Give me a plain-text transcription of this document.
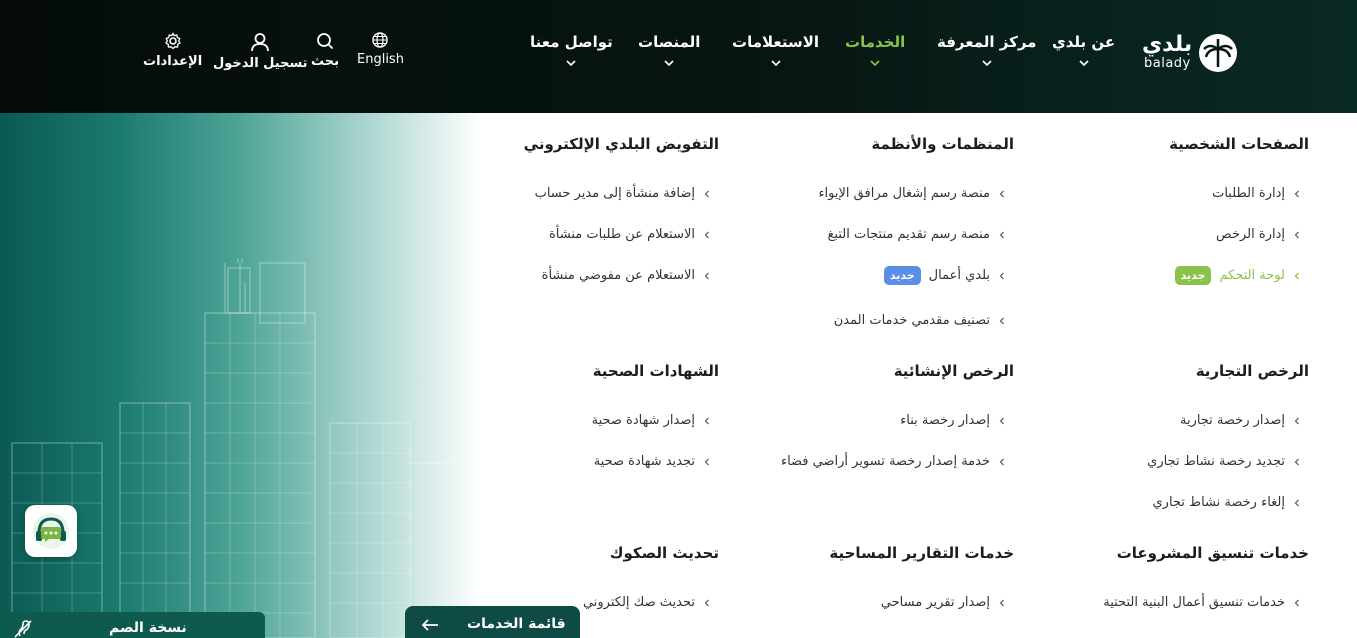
بلدي
balady
عن بلدي
مركز المعرفة
الخدمات
الاستعلامات
المنصات
تواصل معنا
English
بحث
تسجيل الدخول
الإعدادات
الصفحات الشخصية
إدارة الطلبات
إدارة الرخص
لوحة التحكم
جديد
المنظمات والأنظمة
منصة رسم إشغال مرافق الإيواء
منصة رسم تقديم منتجات التبغ
بلدي أعمال
جديد
تصنيف مقدمي خدمات المدن
التفويض البلدي الإلكتروني
إضافة منشأة إلى مدير حساب
الاستعلام عن طلبات منشأة
الاستعلام عن مفوضي منشأة
الرخص التجارية
إصدار رخصة تجارية
تجديد رخصة نشاط تجاري
إلغاء رخصة نشاط تجاري
الرخص الإنشائية
إصدار رخصة بناء
خدمة إصدار رخصة تسوير أراضي فضاء
الشهادات الصحية
إصدار شهادة صحية
تجديد شهادة صحية
خدمات تنسيق المشروعات
خدمات تنسيق أعمال البنية التحتية
خدمات التقارير المساحية
إصدار تقرير مساحي
تحديث الصكوك
تحديث صك إلكتروني
نسخة الصم	قائمة الخدمات
